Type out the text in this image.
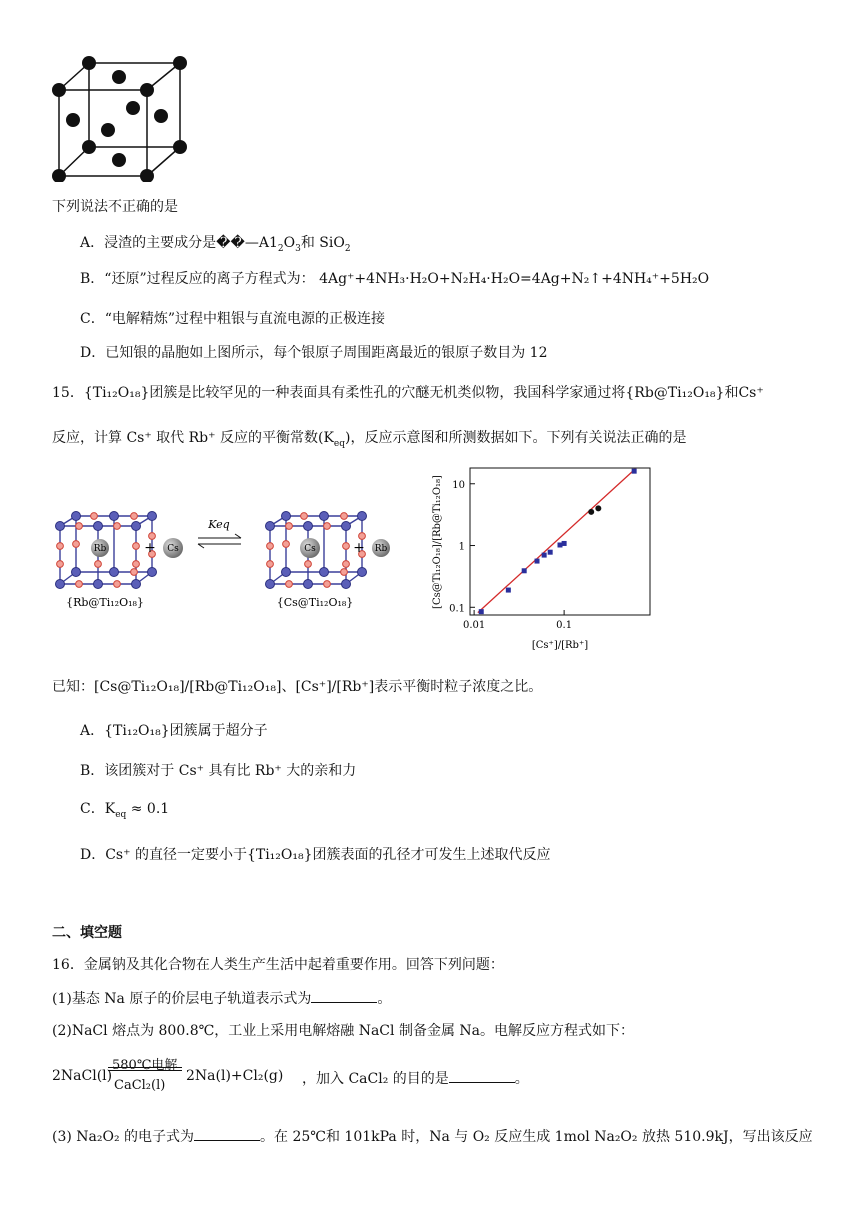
下列说法不正确的是
A．浸渣的主要成分是$��—A1_2O_3$和 SiO$_2$
B．“还原”过程反应的离子方程式为： 4Ag⁺+4NH₃·H₂O+N₂H₄·H₂O=4Ag+N₂↑+4NH₄⁺+5H₂O
C．“电解精炼”过程中粗银与直流电源的正极连接
D．已知银的晶胞如上图所示，每个银原子周围距离最近的银原子数目为 12
15．{Ti₁₂O₁₈}团簇是比较罕见的一种表面具有柔性孔的穴醚无机类似物，我国科学家通过将{Rb@Ti₁₂O₁₈}和Cs⁺
反应，计算 Cs⁺ 取代 Rb⁺ 反应的平衡常数$(K_{eq})$，反应示意图和所测数据如下。下列有关说法正确的是
Rb	+ Cs
Keq
Cs	+ Rb
{Rb@Ti₁₂O₁₈}	{Cs@Ti₁₂O₁₈}
0.01	0.1
0.1
1
10
[Cs@Ti₁₂O₁₈]/[Rb@Ti₁₂O₁₈]
[Cs⁺]/[Rb⁺]
已知：[Cs@Ti₁₂O₁₈]/[Rb@Ti₁₂O₁₈]、[Cs⁺]/[Rb⁺]表示平衡时粒子浓度之比。
A．{Ti₁₂O₁₈}团簇属于超分子
B．该团簇对于 Cs⁺ 具有比 Rb⁺ 大的亲和力
C．$K_{eq} \approx 0.1$
D．Cs⁺ 的直径一定要小于{Ti₁₂O₁₈}团簇表面的孔径才可发生上述取代反应
二、填空题
16．金属钠及其化合物在人类生产生活中起着重要作用。回答下列问题：
(1)基态 Na 原子的价层电子轨道表示式为	。
(2)NaCl 熔点为 800.8℃，工业上采用电解熔融 NaCl 制备金属 Na。电解反应方程式如下：
2NaCl(l)
580℃电解
CaCl₂(l)
2Na(l)+Cl₂(g) ，加入 CaCl₂ 的目的是	。
(3) Na₂O₂ 的电子式为	。在 25℃和 101kPa 时，Na 与 O₂ 反应生成 1mol Na₂O₂ 放热 510.9kJ，写出该反应
